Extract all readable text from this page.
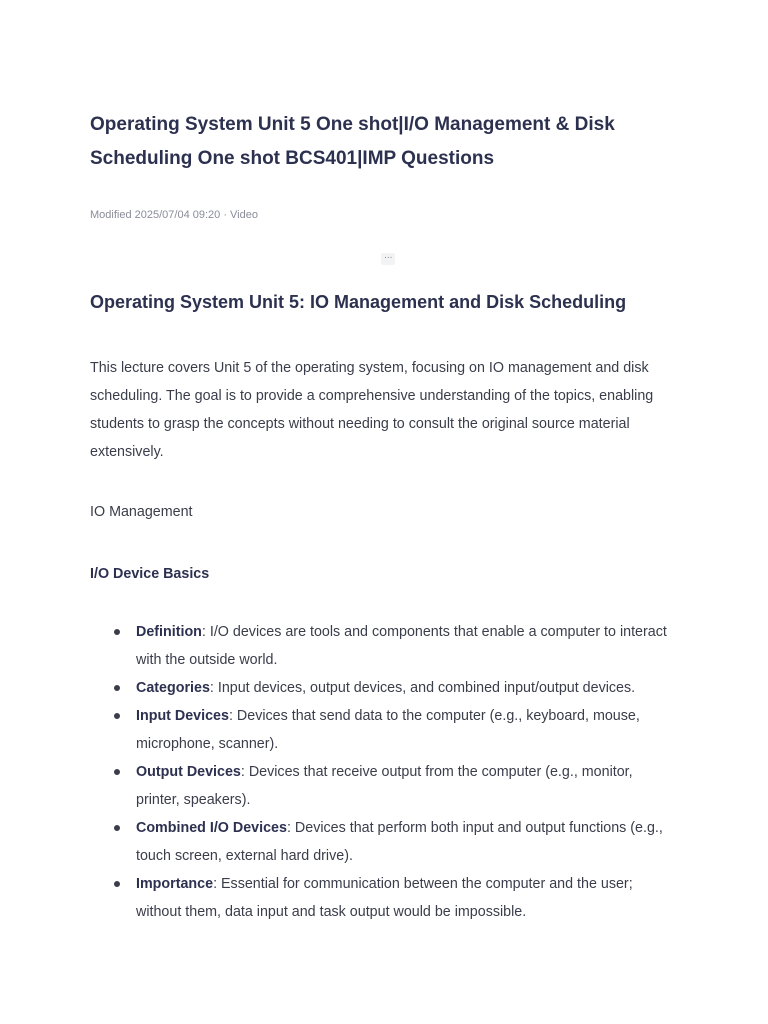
Operating System Unit 5 One shot|I/O Management & Disk Scheduling One shot BCS401|IMP Questions
Modified 2025/07/04 09:20 · Video
···
Operating System Unit 5: IO Management and Disk Scheduling

This lecture covers Unit 5 of the operating system, focusing on IO management and disk scheduling. The goal is to provide a comprehensive understanding of the topics, enabling students to grasp the concepts without needing to consult the original source material extensively.

IO Management

I/O Device Basics

Definition: I/O devices are tools and components that enable a computer to interact with the outside world.
Categories: Input devices, output devices, and combined input/output devices.
Input Devices: Devices that send data to the computer (e.g., keyboard, mouse, microphone, scanner).
Output Devices: Devices that receive output from the computer (e.g., monitor, printer, speakers).
Combined I/O Devices: Devices that perform both input and output functions (e.g., touch screen, external hard drive).
Importance: Essential for communication between the computer and the user; without them, data input and task output would be impossible.
